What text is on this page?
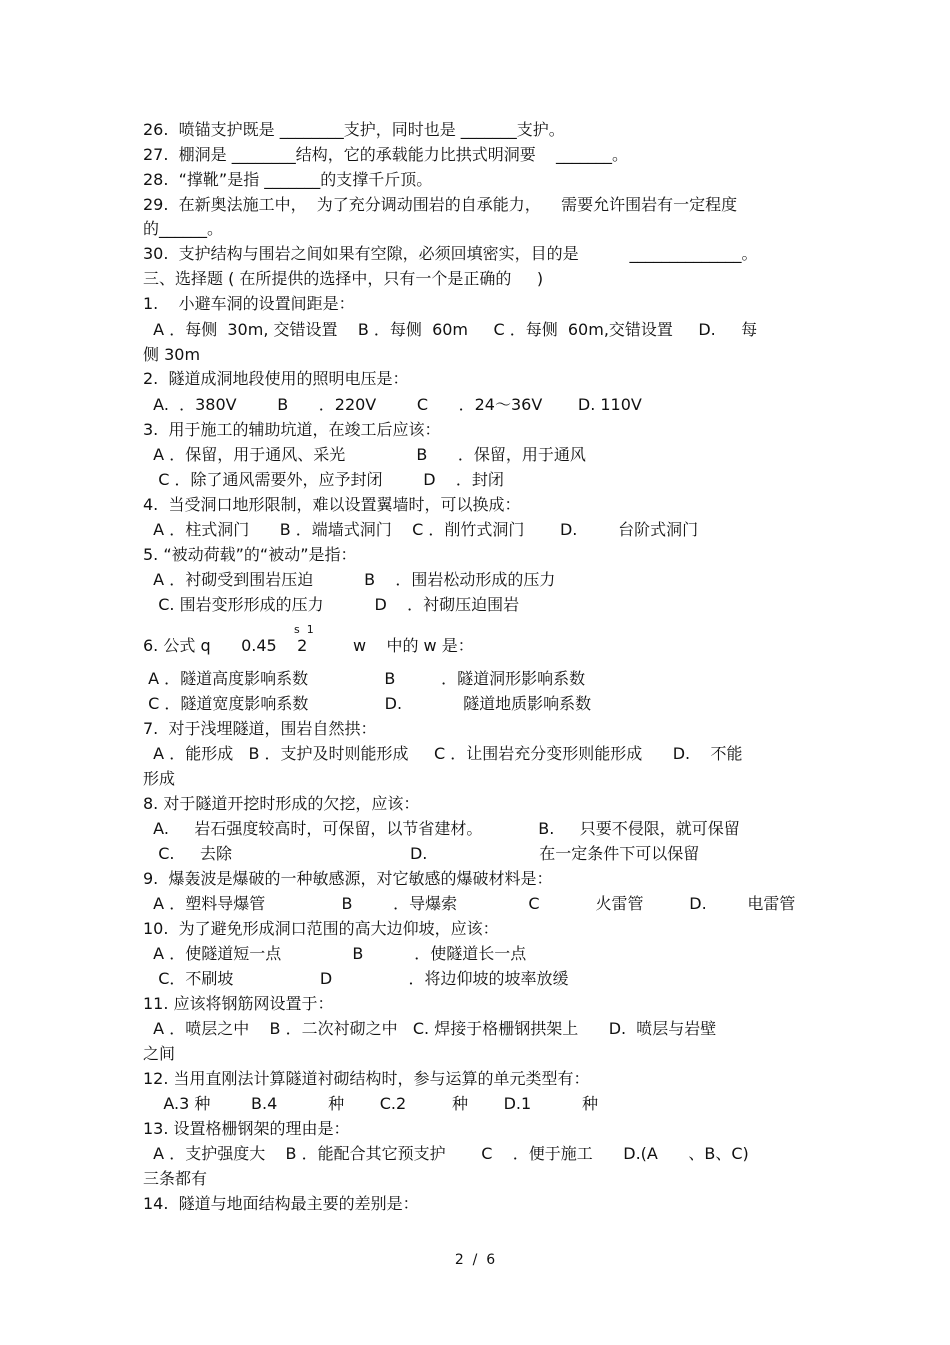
26.  喷锚支护既是 ________支护，同时也是 _______支护。
27.  棚洞是 ________结构，它的承载能力比拱式明洞要    _______。
28.  “撑靴”是指 _______的支撑千斤顶。
29.  在新奥法施工中，  为了充分调动围岩的自承能力，    需要允许围岩有一定程度
的______。
30.  支护结构与围岩之间如果有空隙，必须回填密实，目的是          ______________。
三、选择题 ( 在所提供的选择中，只有一个是正确的     )
1.    小避车洞的设置间距是：
A ．每侧  30m, 交错设置    B ．每侧  60m     C ．每侧  60m,交错设置     D.     每
侧 30m
2.  隧道成洞地段使用的照明电压是：
A.  ．380V        B      ．220V        C      ．24～36V       D. 110V
3.  用于施工的辅助坑道，在竣工后应该：
A ．保留，用于通风、采光              B      ．保留，用于通风
C ．除了通风需要外，应予封闭        D    ．封闭
4.  当受洞口地形限制，难以设置翼墙时，可以换成：
A ．柱式洞门      B ．端墙式洞门    C ．削竹式洞门       D.        台阶式洞门
5. “被动荷载”的“被动”是指：
A ．衬砌受到围岩压迫          B    ．围岩松动形成的压力
C. 围岩变形形成的压力          D    ．衬砌压迫围岩
6. 公式 q      0.45    2         w    中的 w 是：
s  1
A ．隧道高度影响系数               B         ．隧道洞形影响系数
C ．隧道宽度影响系数               D.            隧道地质影响系数
7.  对于浅埋隧道，围岩自然拱：
A ．能形成   B ．支护及时则能形成     C ．让围岩充分变形则能形成      D.    不能
形成
8. 对于隧道开挖时形成的欠挖，应该：
A.     岩石强度较高时，可保留，以节省建材。           B.     只要不侵限，就可保留
C.     去除                                   D.                      在一定条件下可以保留
9.  爆轰波是爆破的一种敏感源，对它敏感的爆破材料是：
A ．塑料导爆管               B        ．导爆索              C           火雷管         D.        电雷管
10.  为了避免形成洞口范围的高大边仰坡，应该：
A ．使隧道短一点              B          ．使隧道长一点
C．不刷坡                 D               ．将边仰坡的坡率放缓
11. 应该将钢筋网设置于：
A ．喷层之中    B ．二次衬砌之中   C. 焊接于格栅钢拱架上      D.  喷层与岩壁
之间
12. 当用直刚法计算隧道衬砌结构时，参与运算的单元类型有：
A.3 种        B.4          种       C.2         种       D.1          种
13. 设置格栅钢架的理由是：
A ．支护强度大    B ．能配合其它预支护       C    ．便于施工      D.(A      、B、C)
三条都有
14.  隧道与地面结构最主要的差别是：
2  /  6
